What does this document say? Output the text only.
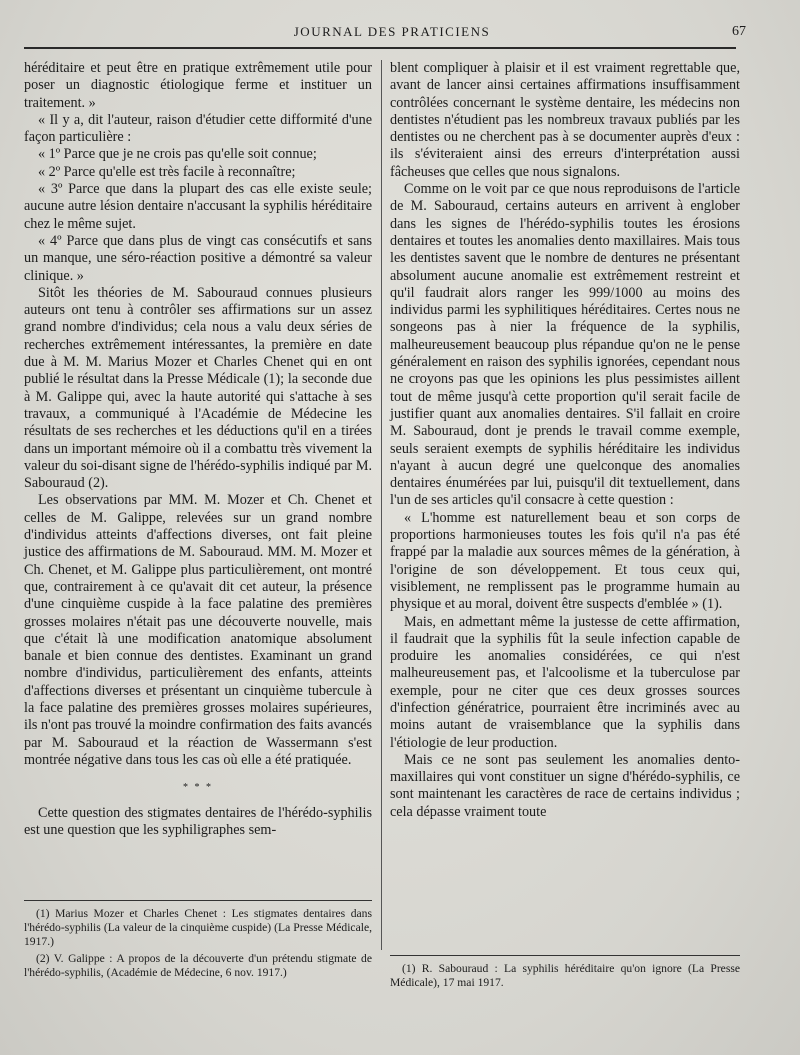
JOURNAL DES PRATICIENS	67

héréditaire et peut être en pratique extrêmement utile pour poser un diagnostic étiologique ferme et instituer un traitement. »

« Il y a, dit l'auteur, raison d'étudier cette difformité d'une façon particulière :

« 1º Parce que je ne crois pas qu'elle soit connue;

« 2º Parce qu'elle est très facile à reconnaître;

« 3º Parce que dans la plupart des cas elle existe seule; aucune autre lésion dentaire n'accusant la syphilis héréditaire chez le même sujet.

« 4º Parce que dans plus de vingt cas consécutifs et sans un manque, une séro-réaction positive a démontré sa valeur clinique. »

Sitôt les théories de M. Sabouraud connues plusieurs auteurs ont tenu à contrôler ses affirmations sur un assez grand nombre d'individus; cela nous a valu deux séries de recherches extrêmement intéressantes, la première en date due à M. M. Marius Mozer et Charles Chenet qui en ont publié le résultat dans la Presse Médicale (1); la seconde due à M. Galippe qui, avec la haute autorité qui s'attache à ses travaux, a communiqué à l'Académie de Médecine les résultats de ses recherches et les déductions qu'il en a tirées dans un important mémoire où il a combattu très vivement la valeur du soi-disant signe de l'hérédo-syphilis indiqué par M. Sabouraud (2).

Les observations par MM. M. Mozer et Ch. Chenet et celles de M. Galippe, relevées sur un grand nombre d'individus atteints d'affections diverses, ont fait pleine justice des affirmations de M. Sabouraud. MM. M. Mozer et Ch. Chenet, et M. Galippe plus particulièrement, ont montré que, contrairement à ce qu'avait dit cet auteur, la présence d'une cinquième cuspide à la face palatine des premières grosses molaires n'était pas une découverte nouvelle, mais que c'était là une modification anatomique absolument banale et bien connue des dentistes. Examinant un grand nombre d'individus, particulièrement des enfants, atteints d'affections diverses et présentant un cinquième tubercule à la face palatine des premières grosses molaires supérieures, ils n'ont pas trouvé la moindre confirmation des faits avancés par M. Sabouraud et la réaction de Wassermann s'est montrée négative dans tous les cas où elle a été pratiquée.

* * *

Cette question des stigmates dentaires de l'hérédo-syphilis est une question que les syphiligraphes sem-

blent compliquer à plaisir et il est vraiment regrettable que, avant de lancer ainsi certaines affirmations insuffisamment contrôlées concernant le système dentaire, les médecins non dentistes n'étudient pas les nombreux travaux publiés par les dentistes ou ne cherchent pas à se documenter auprès d'eux : ils s'éviteraient ainsi des erreurs d'interprétation aussi fâcheuses que celles que nous signalons.

Comme on le voit par ce que nous reproduisons de l'article de M. Sabouraud, certains auteurs en arrivent à englober dans les signes de l'hérédo-syphilis toutes les érosions dentaires et toutes les anomalies dento maxillaires. Mais tous les dentistes savent que le nombre de dentures ne présentant absolument aucune anomalie est extrêmement restreint et qu'il faudrait alors ranger les 999/1000 au moins des individus parmi les syphilitiques héréditaires. Certes nous ne songeons pas à nier la fréquence de la syphilis, malheureusement beaucoup plus répandue qu'on ne le pense généralement en raison des syphilis ignorées, cependant nous ne croyons pas que les opinions les plus pessimistes aillent tout de même jusqu'à cette proportion qu'il serait facile de justifier quant aux anomalies dentaires. S'il fallait en croire M. Sabouraud, dont je prends le travail comme exemple, seuls seraient exempts de syphilis héréditaire les individus n'ayant à aucun degré une quelconque des anomalies dentaires énumérées par lui, puisqu'il dit textuellement, dans l'un de ses articles qu'il consacre à cette question :

« L'homme est naturellement beau et son corps de proportions harmonieuses toutes les fois qu'il n'a pas été frappé par la maladie aux sources mêmes de la génération, à l'origine de son développement. Et tous ceux qui, visiblement, ne remplissent pas le programme humain au physique et au moral, doivent être suspects d'emblée » (1).

Mais, en admettant même la justesse de cette affirmation, il faudrait que la syphilis fût la seule infection capable de produire les anomalies considérées, ce qui n'est malheureusement pas, et l'alcoolisme et la tuberculose par exemple, pour ne citer que ces deux grosses sources d'infection génératrice, pourraient être incriminés avec au moins autant de vraisemblance que la syphilis dans l'étiologie de leur production.

Mais ce ne sont pas seulement les anomalies dento-maxillaires qui vont constituer un signe d'hérédo-syphilis, ce sont maintenant les caractères de race de certains individus ; cela dépasse vraiment toute

(1) Marius Mozer et Charles Chenet : Les stigmates dentaires dans l'hérédo-syphilis (La valeur de la cinquième cuspide) (La Presse Médicale, 1917.)

(2) V. Galippe : A propos de la découverte d'un prétendu stigmate de l'hérédo-syphilis, (Académie de Médecine, 6 nov. 1917.)	(1) R. Sabouraud : La syphilis héréditaire qu'on ignore (La Presse Médicale), 17 mai 1917.
